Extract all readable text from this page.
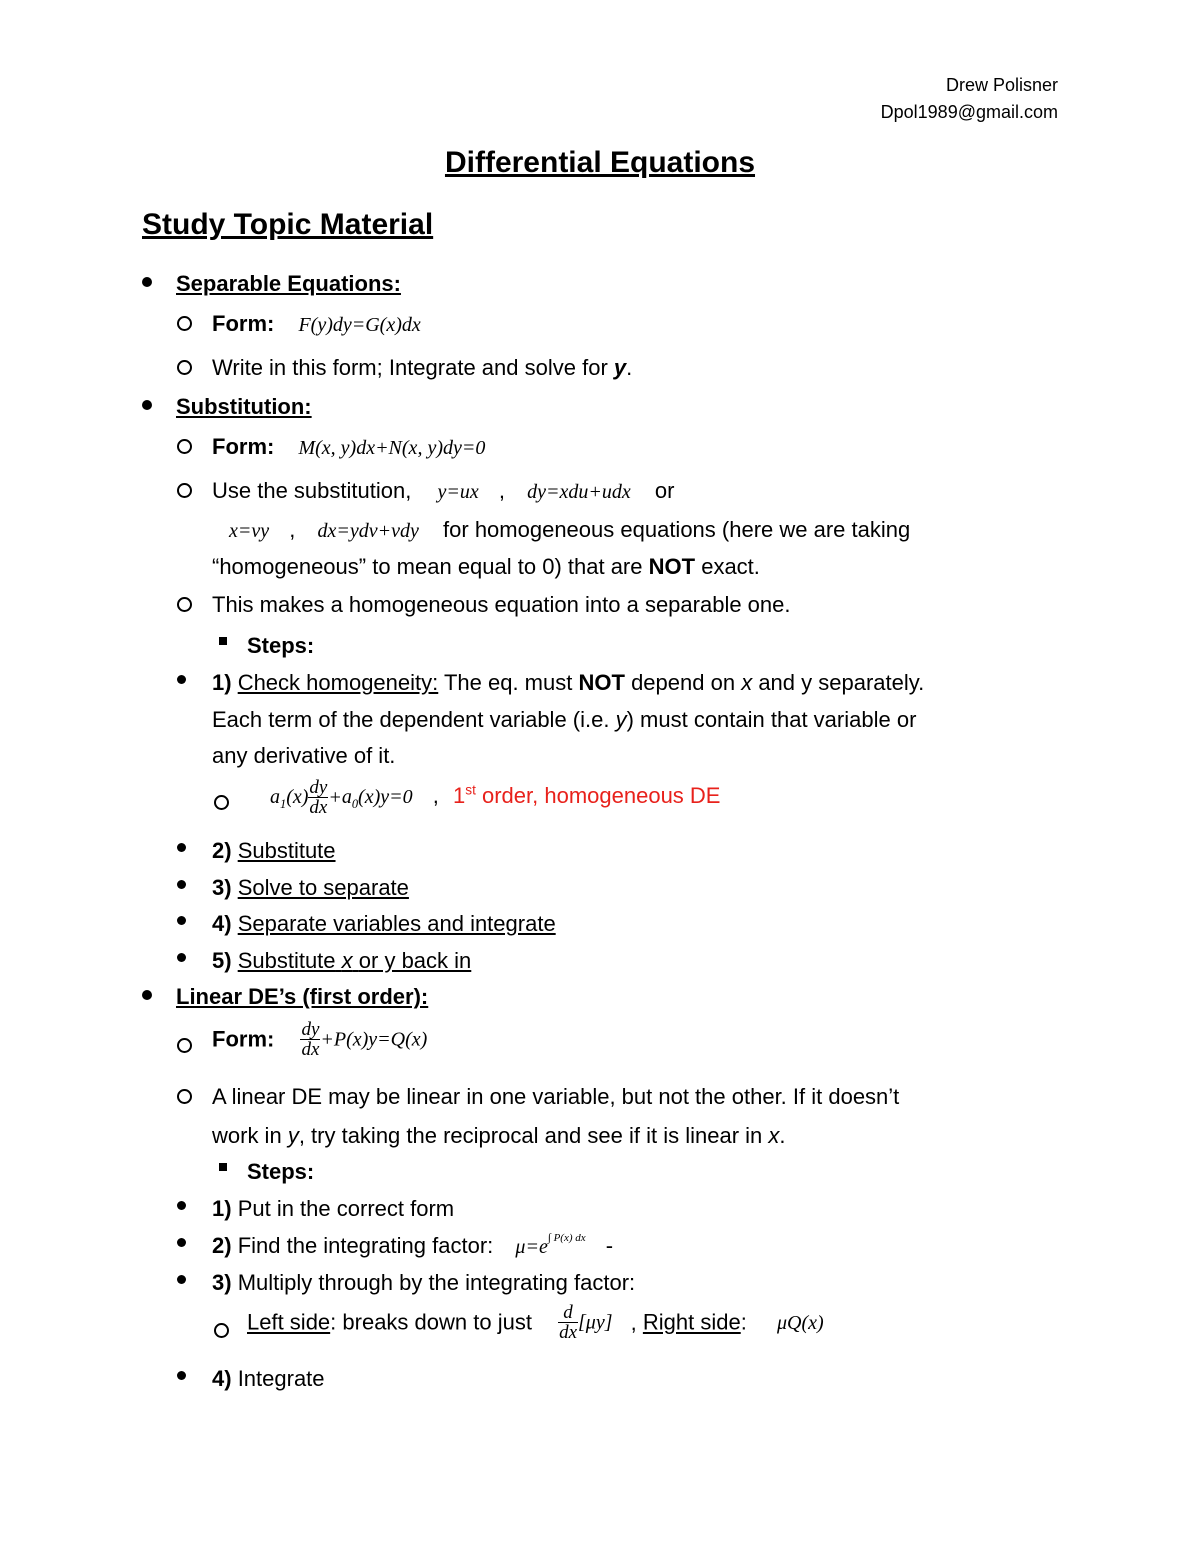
Drew Polisner
Dpol1989@gmail.com
Differential Equations
Study Topic Material
Separable Equations:
Form: F(y)dy=G(x)dx
Write in this form; Integrate and solve for y.
Substitution:
Form: M(x, y)dx+N(x, y)dy=0
Use the substitution, y=ux , dy=xdu+udx or
x=vy , dx=ydv+vdy for homogeneous equations (here we are taking
“homogeneous” to mean equal to 0) that are NOT exact.
This makes a homogeneous equation into a separable one.
Steps:
1) Check homogeneity: The eq. must NOT depend on x and y separately.
Each term of the dependent variable (i.e. y) must contain that variable or
any derivative of it.
$a_1(x) \frac{dy}{dx} +a_0(x)y=0$ , 1st order, homogeneous DE
2) Substitute
3) Solve to separate
4) Separate variables and integrate
5) Substitute x or y back in
Linear DE’s (first order):
Form: $\frac{dy}{dx} +P(x)y=Q(x)$
A linear DE may be linear in one variable, but not the other. If it doesn’t
work in y, try taking the reciprocal and see if it is linear in x.
Steps:
1) Put in the correct form
2) Find the integrating factor: $\mu=e^{\int P(x) dx}$ -
3) Multiply through by the integrating factor:
Left side: breaks down to just $\frac{d}{dx} [\mu y]$ , Right side: μQ(x)
4) Integrate
